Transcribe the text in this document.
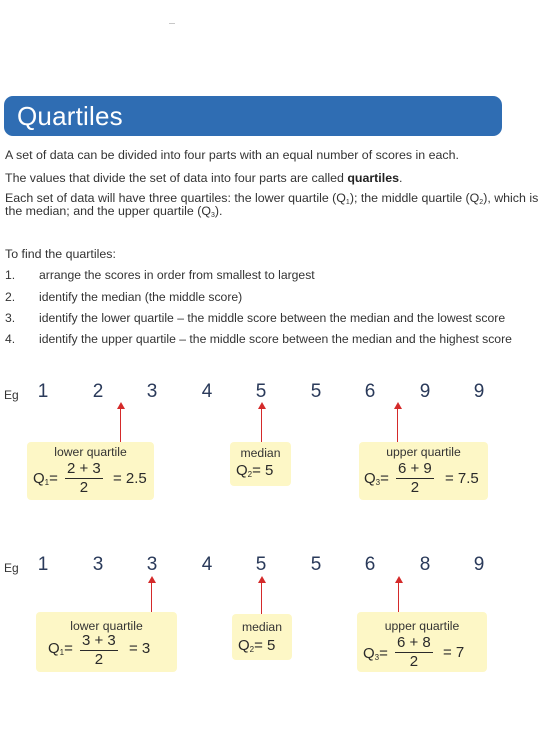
Quartiles
A set of data can be divided into four parts with an equal number of scores in each.
The values that divide the set of data into four parts are called quartiles.
Each set of data will have three quartiles: the lower quartile $(Q_1)$; the middle quartile $(Q_2)$, which is
the median; and the upper quartile $(Q_3)$.
To find the quartiles:
1. arrange the scores in order from smallest to largest
2. identify the median (the middle score)
3. identify the lower quartile – the middle score between the median and the lowest score
4. identify the upper quartile – the middle score between the median and the highest score
Eg	1	2	3	4	5	5	6	9	9
lower quartile
$Q_1= \frac{2 + 3}{2} = 2.5$
median
$Q_2= 5$
upper quartile
$Q_3= \frac{6 + 9}{2} = 7.5$
Eg	1	3	3	4	5	5	6	8	9
lower quartile
$Q_1= \frac{3 + 3}{2} = 3$
median
$Q_2= 5$
upper quartile
$Q_3= \frac{6 + 8}{2} = 7$
